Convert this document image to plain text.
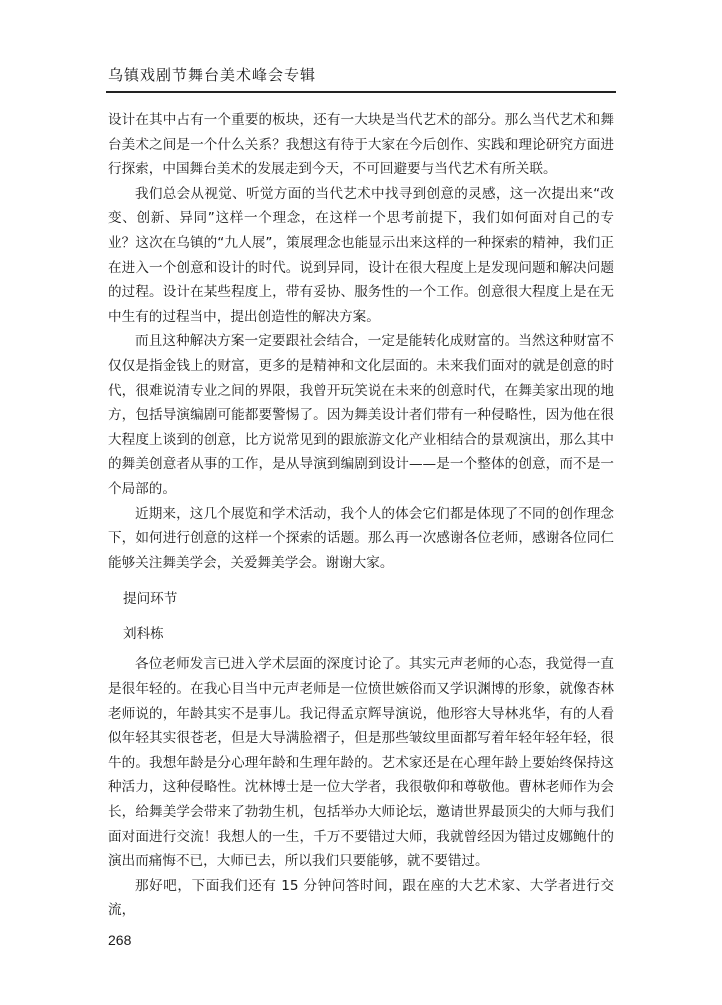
乌镇戏剧节舞台美术峰会专辑

设计在其中占有一个重要的板块，还有一大块是当代艺术的部分。那么当代艺术和舞台美术之间是一个什么关系？我想这有待于大家在今后创作、实践和理论研究方面进行探索，中国舞台美术的发展走到今天，不可回避要与当代艺术有所关联。

我们总会从视觉、听觉方面的当代艺术中找寻到创意的灵感，这一次提出来“改变、创新、异同”这样一个理念，在这样一个思考前提下，我们如何面对自己的专业？这次在乌镇的“九人展”，策展理念也能显示出来这样的一种探索的精神，我们正在进入一个创意和设计的时代。说到异同，设计在很大程度上是发现问题和解决问题的过程。设计在某些程度上，带有妥协、服务性的一个工作。创意很大程度上是在无中生有的过程当中，提出创造性的解决方案。

而且这种解决方案一定要跟社会结合，一定是能转化成财富的。当然这种财富不仅仅是指金钱上的财富，更多的是精神和文化层面的。未来我们面对的就是创意的时代，很难说清专业之间的界限，我曾开玩笑说在未来的创意时代，在舞美家出现的地方，包括导演编剧可能都要警惕了。因为舞美设计者们带有一种侵略性，因为他在很大程度上谈到的创意，比方说常见到的跟旅游文化产业相结合的景观演出，那么其中的舞美创意者从事的工作，是从导演到编剧到设计——是一个整体的创意，而不是一个局部的。

近期来，这几个展览和学术活动，我个人的体会它们都是体现了不同的创作理念下，如何进行创意的这样一个探索的话题。那么再一次感谢各位老师，感谢各位同仁能够关注舞美学会，关爱舞美学会。谢谢大家。

提问环节

刘科栋

各位老师发言已进入学术层面的深度讨论了。其实元声老师的心态，我觉得一直是很年轻的。在我心目当中元声老师是一位愤世嫉俗而又学识渊博的形象，就像杏林老师说的，年龄其实不是事儿。我记得孟京辉导演说，他形容大导林兆华，有的人看似年轻其实很苍老，但是大导满脸褶子，但是那些皱纹里面都写着年轻年轻年轻，很牛的。我想年龄是分心理年龄和生理年龄的。艺术家还是在心理年龄上要始终保持这种活力，这种侵略性。沈林博士是一位大学者，我很敬仰和尊敬他。曹林老师作为会长，给舞美学会带来了勃勃生机，包括举办大师论坛，邀请世界最顶尖的大师与我们面对面进行交流！我想人的一生，千万不要错过大师，我就曾经因为错过皮娜鲍什的演出而痛悔不已，大师已去，所以我们只要能够，就不要错过。

那好吧，下面我们还有 15 分钟问答时间，跟在座的大艺术家、大学者进行交流，

268
